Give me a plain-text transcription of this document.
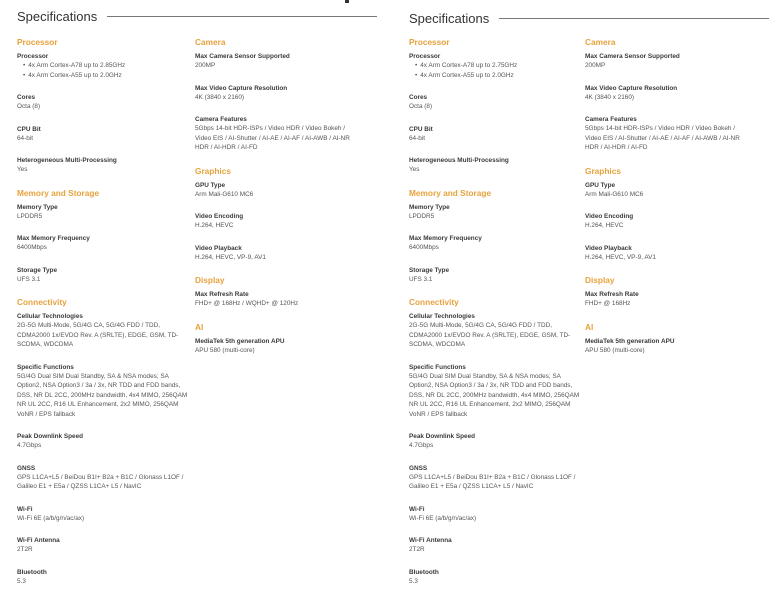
Specifications
Processor
Processor
• 4x Arm Cortex-A78 up to 2.85GHz
• 4x Arm Cortex-A55 up to 2.0GHz
Cores
Octa (8)
CPU Bit
64-bit
Heterogeneous Multi-Processing
Yes
Memory and Storage
Memory Type
LPDDR5
Max Memory Frequency
6400Mbps
Storage Type
UFS 3.1
Connectivity
Cellular Technologies
2G-5G Multi-Mode, 5G/4G CA, 5G/4G FDD / TDD, CDMA2000 1x/EVDO Rev. A (SRLTE), EDGE, GSM, TD-SCDMA, WDCDMA
Specific Functions
5G/4G Dual SIM Dual Standby, SA & NSA modes; SA Option2, NSA Option3 / 3a / 3x, NR TDD and FDD bands, DSS, NR DL 2CC, 200MHz bandwidth, 4x4 MIMO, 256QAM NR UL 2CC, R16 UL Enhancement, 2x2 MIMO, 256QAM VoNR / EPS fallback
Peak Downlink Speed
4.7Gbps
GNSS
GPS L1CA+L5 / BeiDou B1I+ B2a + B1C / Glonass L1OF / Galileo E1 + E5a / QZSS L1CA+ L5 / NavIC
Wi-Fi
Wi-Fi 6E (a/b/g/n/ac/ax)
Wi-Fi Antenna
2T2R
Bluetooth
5.3
Camera
Max Camera Sensor Supported
200MP
Max Video Capture Resolution
4K (3840 x 2160)
Camera Features
5Gbps 14-bit HDR-ISPs / Video HDR / Video Bokeh / Video EIS / AI-Shutter / AI-AE / AI-AF / AI-AWB / AI-NR HDR / AI-HDR / AI-FD
Graphics
GPU Type
Arm Mali-G610 MC6
Video Encoding
H.264, HEVC
Video Playback
H.264, HEVC, VP-9, AV1
Display
Max Refresh Rate
FHD+ @ 168Hz / WQHD+ @ 120Hz
AI
MediaTek 5th generation APU
APU 580 (multi-core)
Specifications
Processor
Processor
• 4x Arm Cortex-A78 up to 2.75GHz
• 4x Arm Cortex-A55 up to 2.0GHz
Cores
Octa (8)
CPU Bit
64-bit
Heterogeneous Multi-Processing
Yes
Memory and Storage
Memory Type
LPDDR5
Max Memory Frequency
6400Mbps
Storage Type
UFS 3.1
Connectivity
Cellular Technologies
2G-5G Multi-Mode, 5G/4G CA, 5G/4G FDD / TDD, CDMA2000 1x/EVDO Rev. A (SRLTE), EDGE, GSM, TD-SCDMA, WDCDMA
Specific Functions
5G/4G Dual SIM Dual Standby, SA & NSA modes; SA Option2, NSA Option3 / 3a / 3x, NR TDD and FDD bands, DSS, NR DL 2CC, 200MHz bandwidth, 4x4 MIMO, 256QAM NR UL 2CC, R16 UL Enhancement, 2x2 MIMO, 256QAM VoNR / EPS fallback
Peak Downlink Speed
4.7Gbps
GNSS
GPS L1CA+L5 / BeiDou B1I+ B2a + B1C / Glonass L1OF / Galileo E1 + E5a / QZSS L1CA+ L5 / NavIC
Wi-Fi
Wi-Fi 6E (a/b/g/n/ac/ax)
Wi-Fi Antenna
2T2R
Bluetooth
5.3
Camera
Max Camera Sensor Supported
200MP
Max Video Capture Resolution
4K (3840 x 2160)
Camera Features
5Gbps 14-bit HDR-ISPs / Video HDR / Video Bokeh / Video EIS / AI-Shutter / AI-AE / AI-AF / AI-AWB / AI-NR HDR / AI-HDR / AI-FD
Graphics
GPU Type
Arm Mali-G610 MC6
Video Encoding
H.264, HEVC
Video Playback
H.264, HEVC, VP-9, AV1
Display
Max Refresh Rate
FHD+ @ 168Hz
AI
MediaTek 5th generation APU
APU 580 (multi-core)
